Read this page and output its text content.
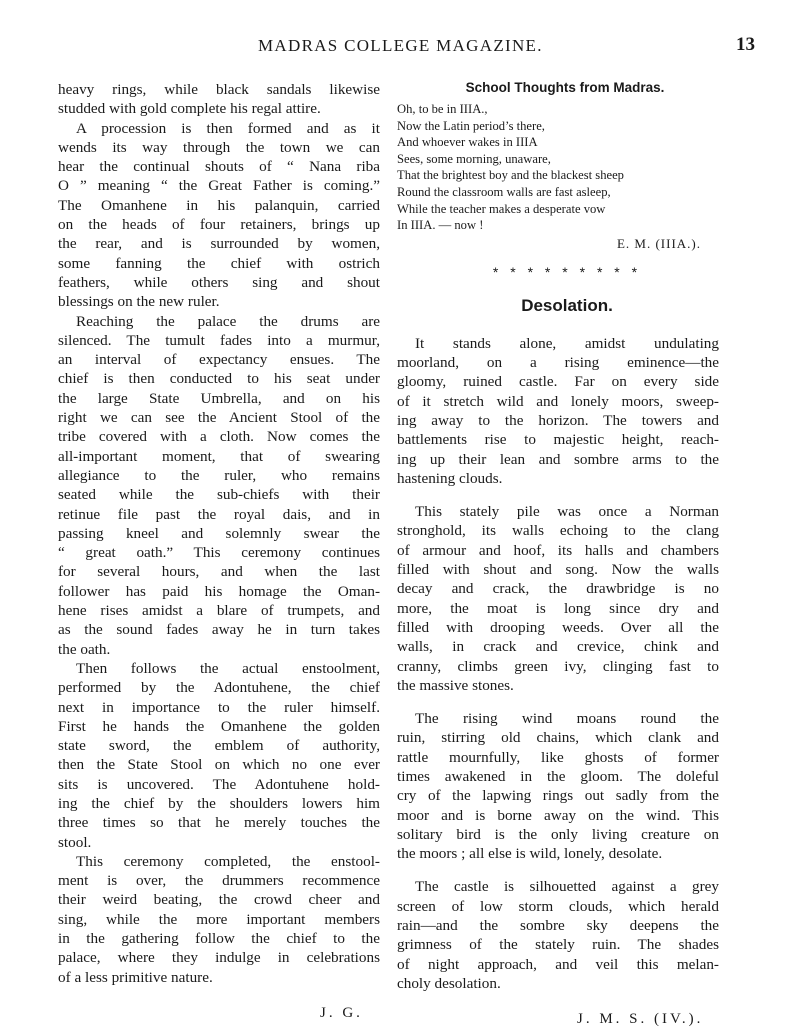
MADRAS COLLEGE MAGAZINE.	13

heavy rings, while black sandals likewise

studded with gold complete his regal attire.

A procession is then formed and as it

wends its way through the town we can

hear the continual shouts of “ Nana riba

O ” meaning “ the Great Father is coming.”

The Omanhene in his palanquin, carried

on the heads of four retainers, brings up

the rear, and is surrounded by women,

some fanning the chief with ostrich

feathers, while others sing and shout

blessings on the new ruler.

Reaching the palace the drums are

silenced. The tumult fades into a murmur,

an interval of expectancy ensues. The

chief is then conducted to his seat under

the large State Umbrella, and on his

right we can see the Ancient Stool of the

tribe covered with a cloth. Now comes the

all-important moment, that of swearing

allegiance to the ruler, who remains

seated while the sub-chiefs with their

retinue file past the royal dais, and in

passing kneel and solemnly swear the

“ great oath.” This ceremony continues

for several hours, and when the last

follower has paid his homage the Oman-

hene rises amidst a blare of trumpets, and

as the sound fades away he in turn takes

the oath.

Then follows the actual enstoolment,

performed by the Adontuhene, the chief

next in importance to the ruler himself.

First he hands the Omanhene the golden

state sword, the emblem of authority,

then the State Stool on which no one ever

sits is uncovered. The Adontuhene hold-

ing the chief by the shoulders lowers him

three times so that he merely touches the

stool.

This ceremony completed, the enstool-

ment is over, the drummers recommence

their weird beating, the crowd cheer and

sing, while the more important members

in the gathering follow the chief to the

palace, where they indulge in celebrations

of a less primitive nature.

J. G.
School Thoughts from Madras.
Oh, to be in IIIA.,
Now the Latin period’s there,
And whoever wakes in IIIA
Sees, some morning, unaware,
That the brightest boy and the blackest sheep
Round the classroom walls are fast asleep,
While the teacher makes a desperate vow
In IIIA. — now !
E. M. (IIIA.).
* * * * * * * * *
Desolation.

It stands alone, amidst undulating

moorland, on a rising eminence—the

gloomy, ruined castle. Far on every side

of it stretch wild and lonely moors, sweep-

ing away to the horizon. The towers and

battlements rise to majestic height, reach-

ing up their lean and sombre arms to the

hastening clouds.

This stately pile was once a Norman

stronghold, its walls echoing to the clang

of armour and hoof, its halls and chambers

filled with shout and song. Now the walls

decay and crack, the drawbridge is no

more, the moat is long since dry and

filled with drooping weeds. Over all the

walls, in crack and crevice, chink and

cranny, climbs green ivy, clinging fast to

the massive stones.

The rising wind moans round the

ruin, stirring old chains, which clank and

rattle mournfully, like ghosts of former

times awakened in the gloom. The doleful

cry of the lapwing rings out sadly from the

moor and is borne away on the wind. This

solitary bird is the only living creature on

the moors ; all else is wild, lonely, desolate.

The castle is silhouetted against a grey

screen of low storm clouds, which herald

rain—and the sombre sky deepens the

grimness of the stately ruin. The shades

of night approach, and veil this melan-

choly desolation.

J. M. S. (IV.).
